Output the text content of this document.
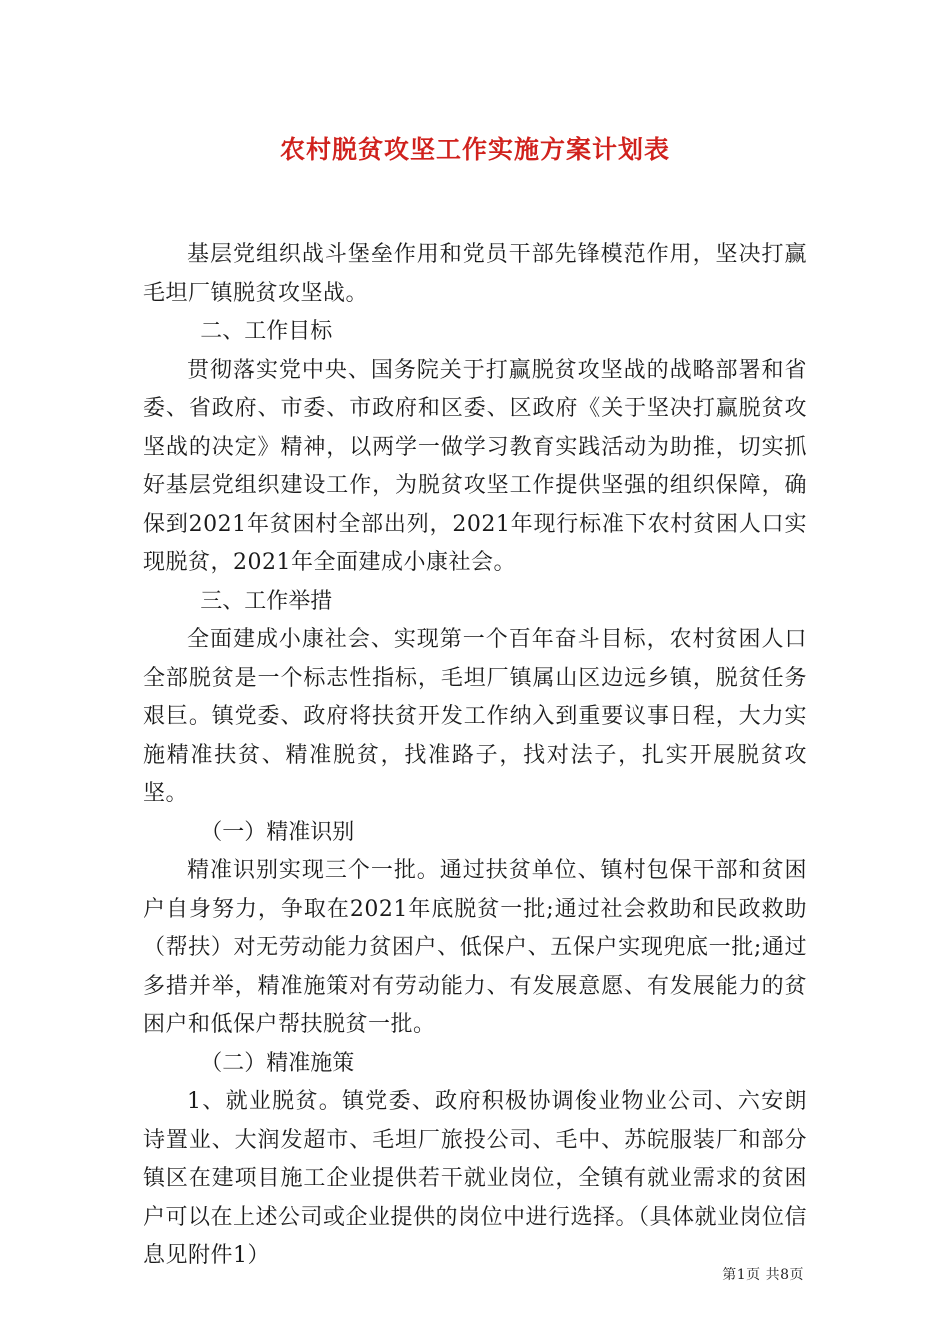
农村脱贫攻坚工作实施方案计划表

基层党组织战斗堡垒作用和党员干部先锋模范作用，坚决打赢毛坦厂镇脱贫攻坚战。

二、工作目标

贯彻落实党中央、国务院关于打赢脱贫攻坚战的战略部署和省委、省政府、市委、市政府和区委、区政府《关于坚决打赢脱贫攻坚战的决定》精神，以两学一做学习教育实践活动为助推，切实抓好基层党组织建设工作，为脱贫攻坚工作提供坚强的组织保障，确保到2021年贫困村全部出列，2021年现行标准下农村贫困人口实现脱贫，2021年全面建成小康社会。

三、工作举措

全面建成小康社会、实现第一个百年奋斗目标，农村贫困人口全部脱贫是一个标志性指标，毛坦厂镇属山区边远乡镇，脱贫任务艰巨。镇党委、政府将扶贫开发工作纳入到重要议事日程，大力实施精准扶贫、精准脱贫，找准路子，找对法子，扎实开展脱贫攻坚。

（一）精准识别

精准识别实现三个一批。通过扶贫单位、镇村包保干部和贫困户自身努力，争取在2021年底脱贫一批;通过社会救助和民政救助（帮扶）对无劳动能力贫困户、低保户、五保户实现兜底一批;通过多措并举，精准施策对有劳动能力、有发展意愿、有发展能力的贫困户和低保户帮扶脱贫一批。

（二）精准施策

1、就业脱贫。镇党委、政府积极协调俊业物业公司、六安朗诗置业、大润发超市、毛坦厂旅投公司、毛中、苏皖服装厂和部分镇区在建项目施工企业提供若干就业岗位，全镇有就业需求的贫困户可以在上述公司或企业提供的岗位中进行选择。（具体就业岗位信息见附件1）

第1页 共8页
